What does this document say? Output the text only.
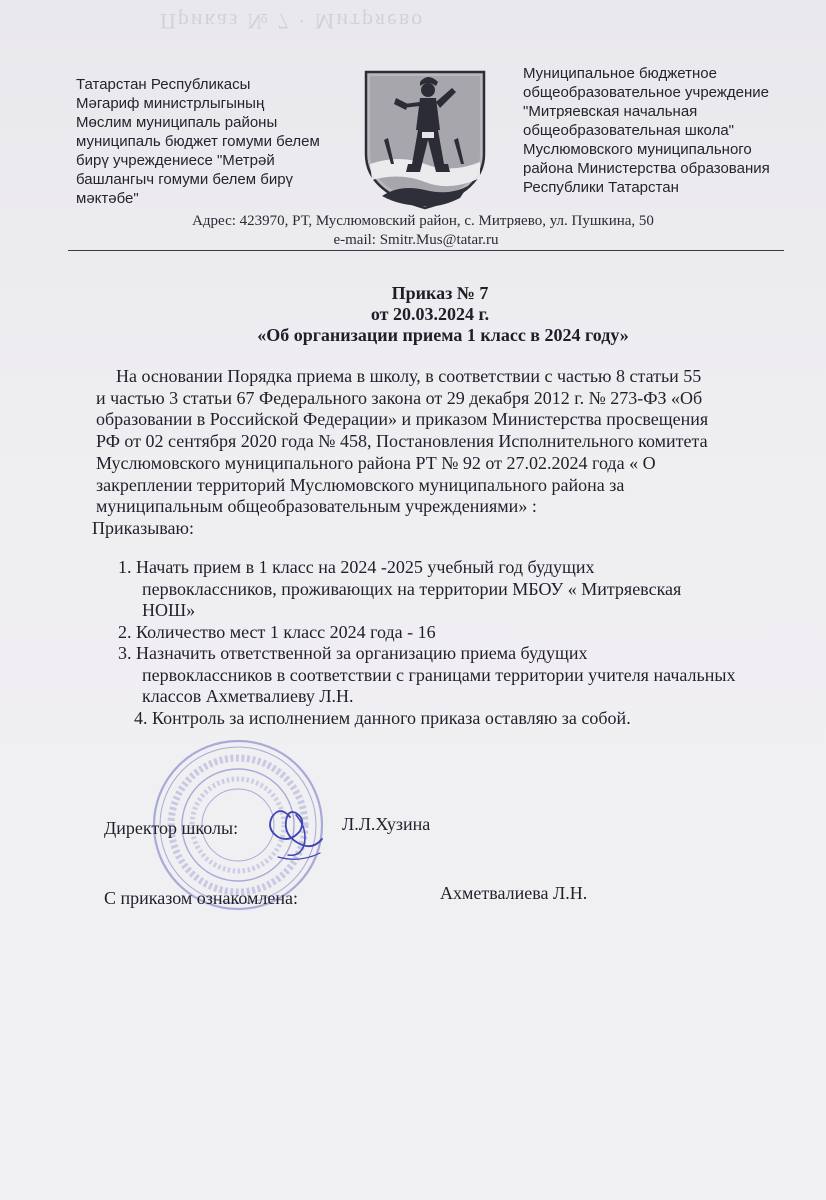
Приказ № 7 · Митряево
Татарстан Республикасы
Мәгариф министрлыгының
Мөслим муниципаль районы
муниципаль бюджет гомуми белем
бирү учреждениесе "Метрәй
башлангыч гомуми белем бирү
мәктәбе"
Муниципальное бюджетное
общеобразовательное учреждение
"Митряевская начальная
общеобразовательная школа"
Муслюмовского муниципального
района Министерства образования
Республики Татарстан
Адрес: 423970, РТ, Муслюмовский район, с. Митряево, ул. Пушкина, 50
e-mail: Smitr.Mus@tatar.ru
Приказ № 7
от 20.03.2024 г.
«Об организации приема 1 класс в 2024 году»
На основании Порядка приема в школу, в соответствии с частью 8 статьи 55
и частью 3 статьи 67 Федерального закона от 29 декабря 2012 г. № 273-ФЗ «Об
образовании в Российской Федерации» и приказом Министерства просвещения
РФ от 02 сентября 2020 года № 458, Постановления Исполнительного комитета
Муслюмовского муниципального района РТ № 92 от 27.02.2024 года « О
закреплении территорий Муслюмовского муниципального района за
муниципальным общеобразовательным учреждениями» :
Приказываю:
1. Начать прием в 1 класс на 2024 -2025 учебный год будущих
первоклассников, проживающих на территории МБОУ « Митряевская
НОШ»
2. Количество мест 1 класс 2024 года - 16
3. Назначить ответственной за организацию приема будущих
первоклассников в соответствии с границами территории учителя начальных
классов Ахметвалиеву Л.Н.
4. Контроль за исполнением данного приказа оставляю за собой.
Директор школы:	Л.Л.Хузина
С приказом ознакомлена:	Ахметвалиева Л.Н.
